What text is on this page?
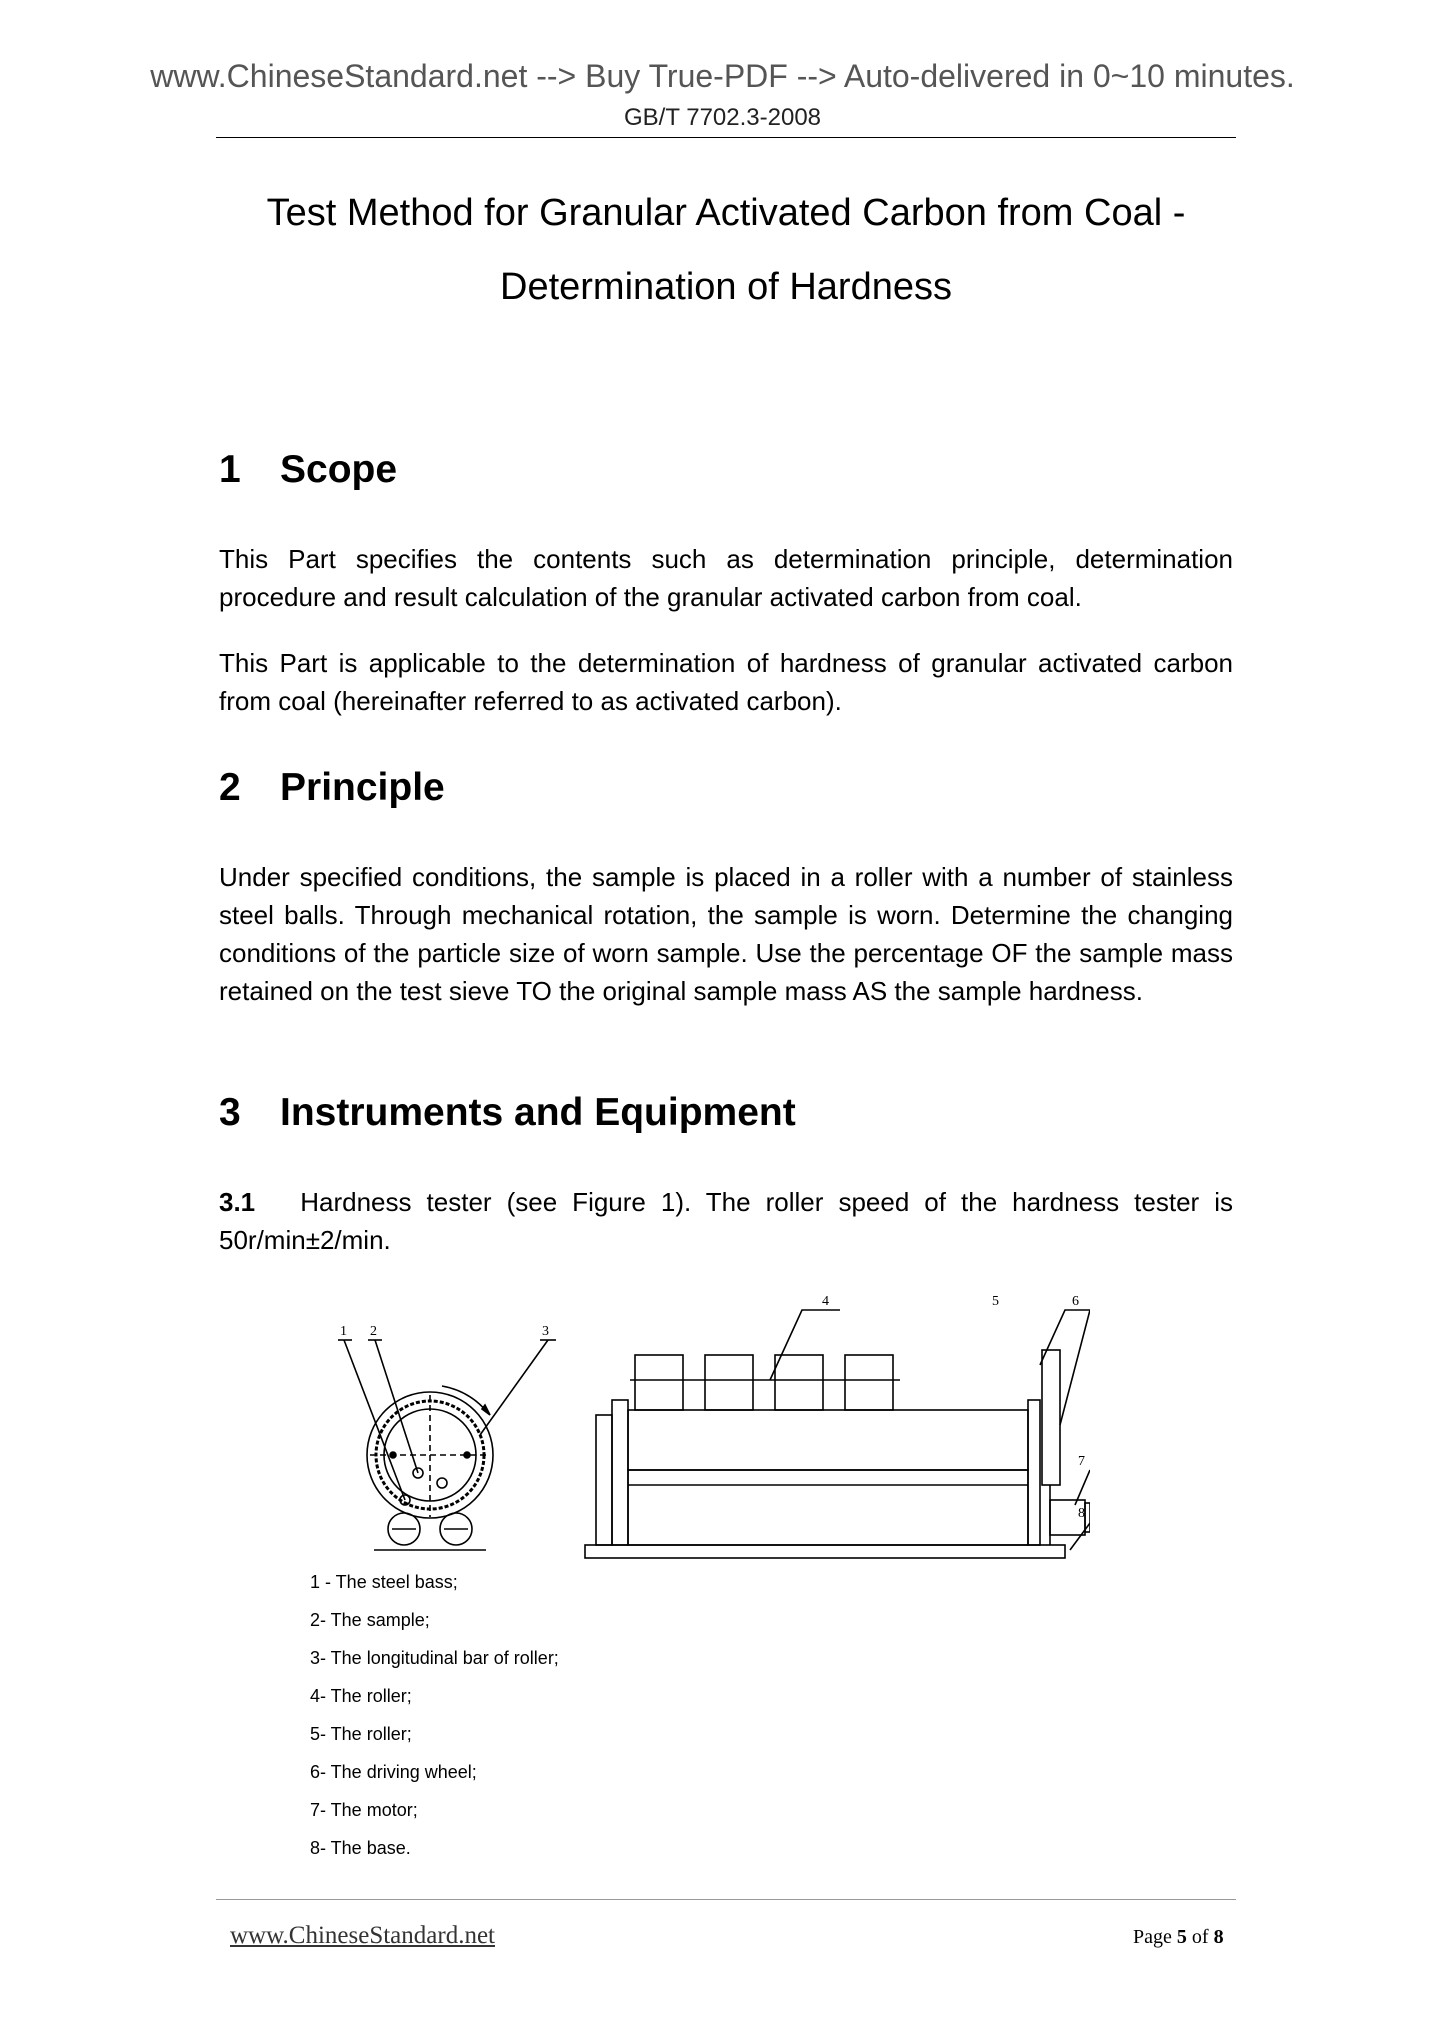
www.ChineseStandard.net --> Buy True-PDF --> Auto-delivered in 0~10 minutes.
GB/T 7702.3-2008
Test Method for Granular Activated Carbon from Coal -
Determination of Hardness
1 Scope

This Part specifies the contents such as determination principle, determination procedure and result calculation of the granular activated carbon from coal.

This Part is applicable to the determination of hardness of granular activated carbon from coal (hereinafter referred to as activated carbon).

2 Principle

Under specified conditions, the sample is placed in a roller with a number of stainless steel balls. Through mechanical rotation, the sample is worn. Determine the changing conditions of the particle size of worn sample. Use the percentage OF the sample mass retained on the test sieve TO the original sample mass AS the sample hardness.

3 Instruments and Equipment

3.1 Hardness tester (see Figure 1). The roller speed of the hardness tester is 50r/min±2/min.

1 2	3
4	5	6
7
8
1 - The steel bass;
2- The sample;
3- The longitudinal bar of roller;
4- The roller;
5- The roller;
6- The driving wheel;
7- The motor;
8- The base.
www.ChineseStandard.net	Page 5 of 8
